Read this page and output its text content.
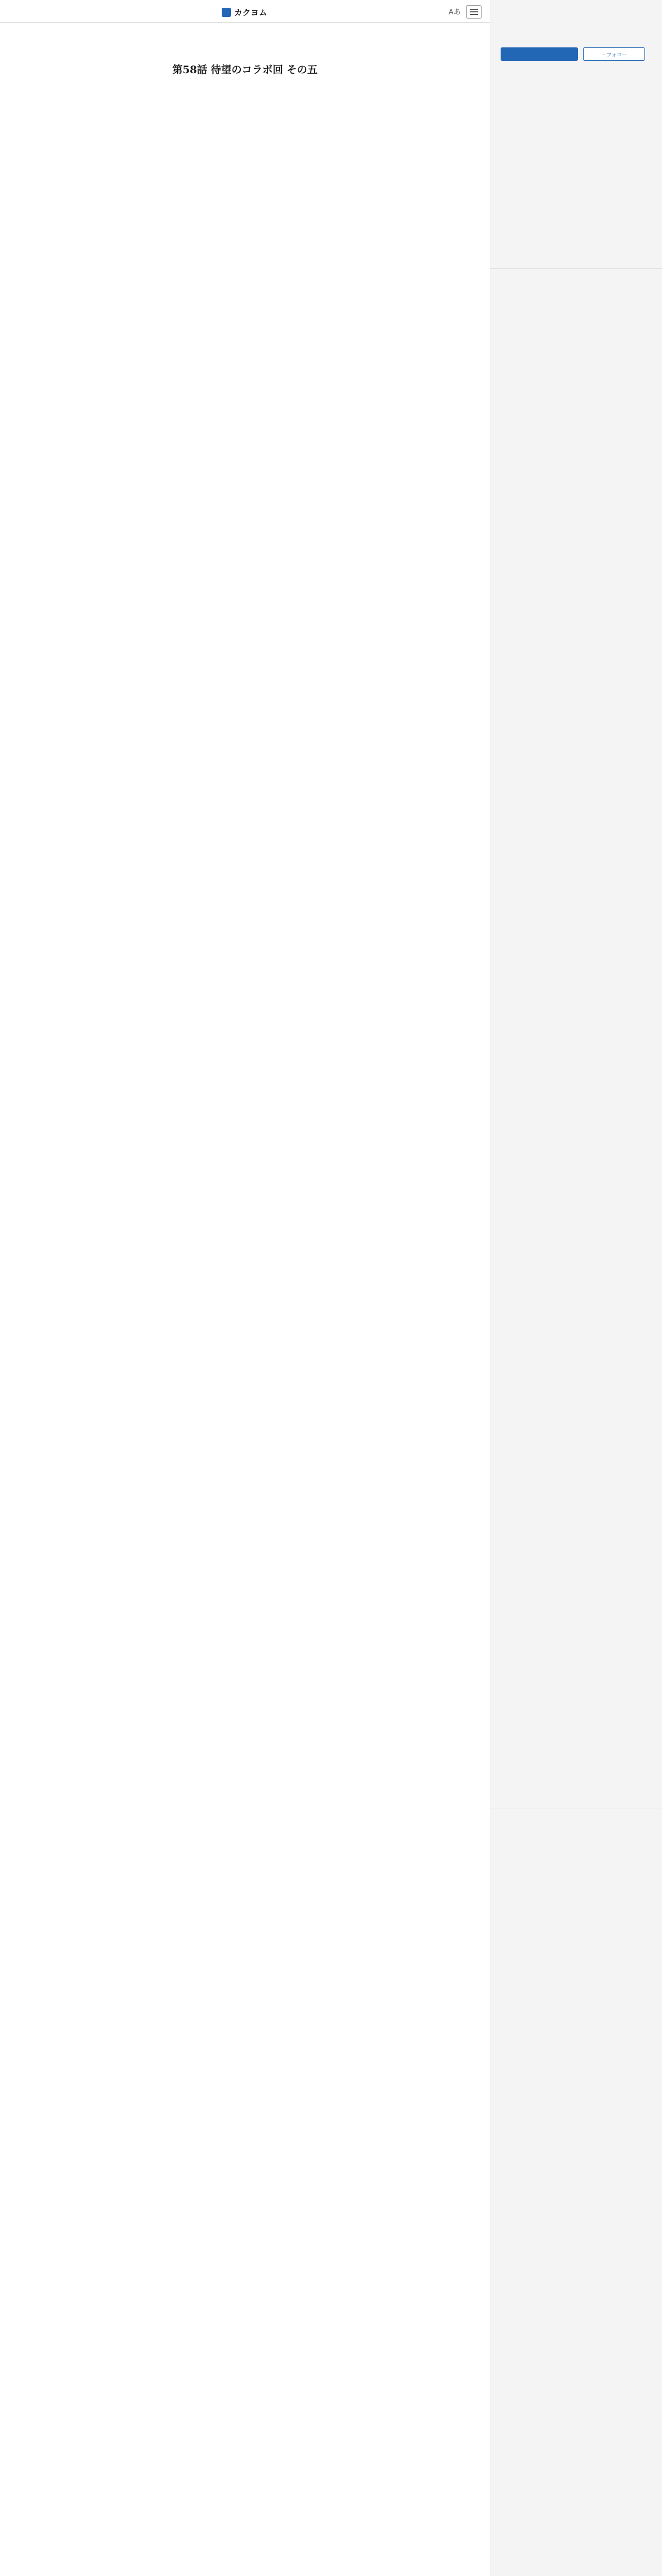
カクヨム	Aあ
第58話 待望のコラボ回 その五
＋ フォロー
